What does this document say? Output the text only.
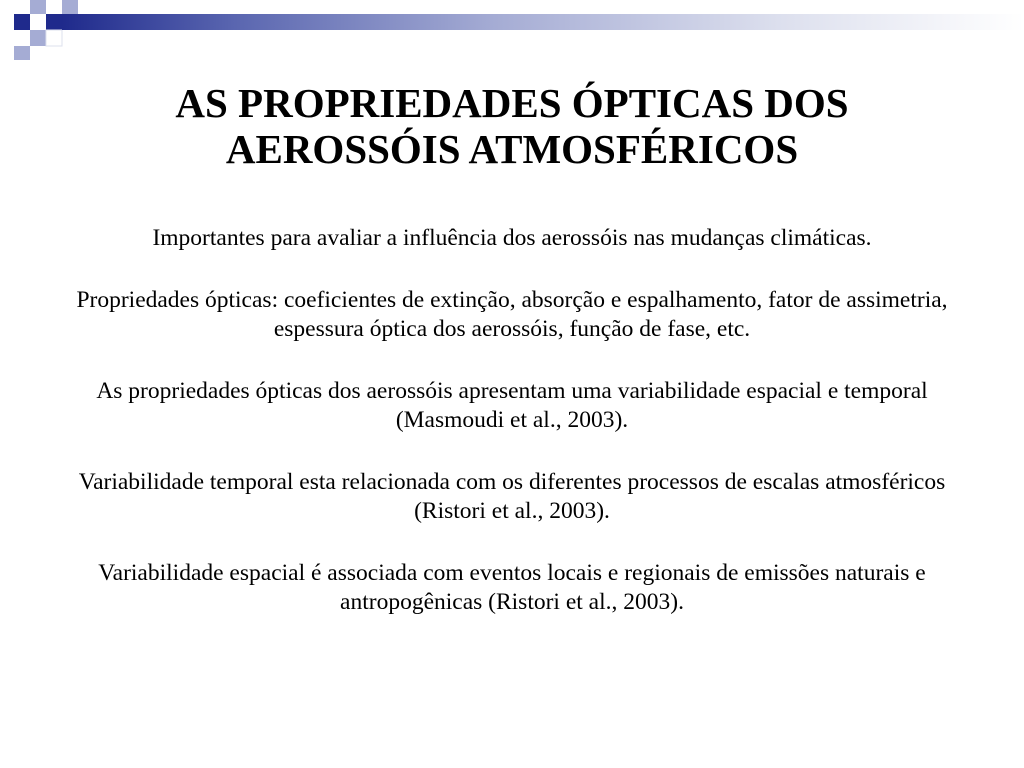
AS PROPRIEDADES ÓPTICAS DOS
AEROSSÓIS ATMOSFÉRICOS

Importantes para avaliar a influência dos aerossóis nas mudanças climáticas.

Propriedades ópticas: coeficientes de extinção, absorção e espalhamento, fator de assimetria, espessura óptica dos aerossóis, função de fase, etc.

As propriedades ópticas dos aerossóis apresentam uma variabilidade espacial e temporal (Masmoudi et al., 2003).

Variabilidade temporal esta relacionada com os diferentes processos de escalas atmosféricos (Ristori et al., 2003).

Variabilidade espacial é associada com eventos locais e regionais de emissões naturais e antropogênicas (Ristori et al., 2003).
